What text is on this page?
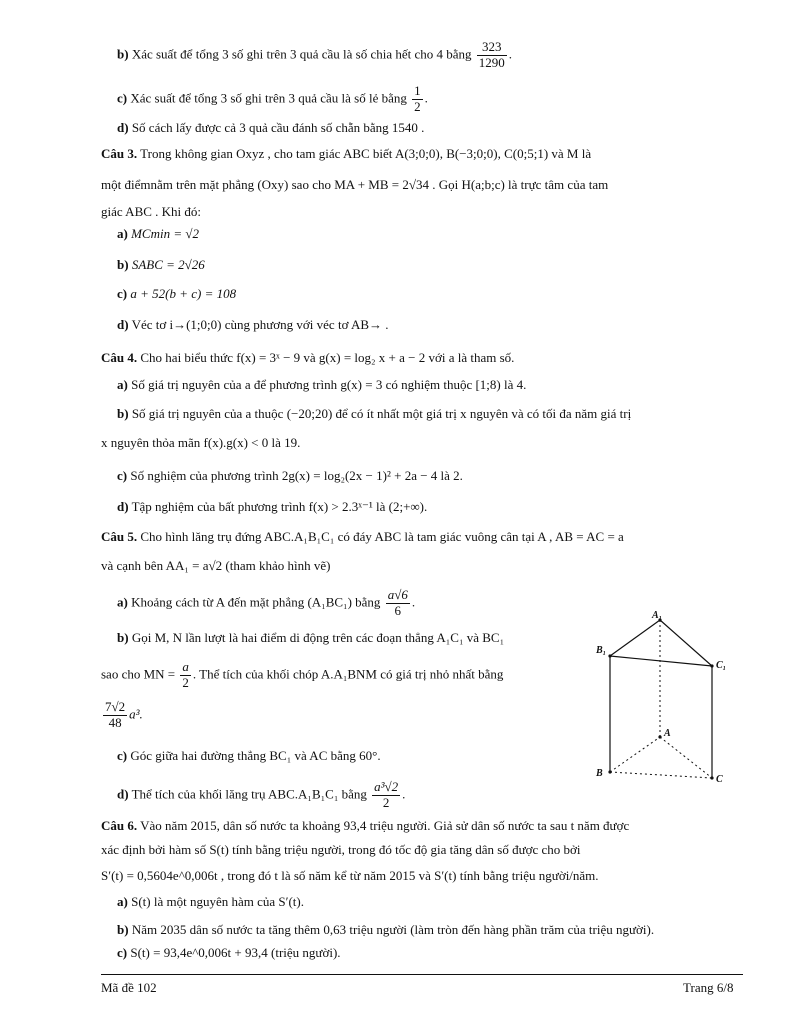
b) Xác suất để tổng 3 số ghi trên 3 quả cầu là số chia hết cho 4 bằng $\frac{323}{1290}$ .
c) Xác suất để tổng 3 số ghi trên 3 quả cầu là số lẻ bằng $\frac{1}{2}$ .
d) Số cách lấy được cả 3 quả cầu đánh số chẵn bằng 1540 .
Câu 3. Trong không gian Oxyz , cho tam giác ABC biết A(3;0;0), B(−3;0;0), C(0;5;1) và M là
một điểmnằm trên mặt phẳng (Oxy) sao cho MA + MB = 2√34 . Gọi H(a;b;c) là trực tâm của tam
giác ABC . Khi đó:
a) MCmin = √2
b) SABC = 2√26
c) a + 52(b + c) = 108
d) Véc tơ i→(1;0;0) cùng phương với véc tơ AB→ .
Câu 4. Cho hai biểu thức f(x) = 3ˣ − 9 và g(x) = log₂ x + a − 2 với a là tham số.
a) Số giá trị nguyên của a để phương trình g(x) = 3 có nghiệm thuộc [1;8) là 4.
b) Số giá trị nguyên của a thuộc (−20;20) để có ít nhất một giá trị x nguyên và có tối đa năm giá trị
x nguyên thỏa mãn f(x).g(x) < 0 là 19.
c) Số nghiệm của phương trình 2g(x) = log₂(2x − 1)² + 2a − 4 là 2.
d) Tập nghiệm của bất phương trình f(x) > 2.3ˣ⁻¹ là (2;+∞).
Câu 5. Cho hình lăng trụ đứng ABC.A₁B₁C₁ có đáy ABC là tam giác vuông cân tại A , AB = AC = a
và cạnh bên AA₁ = a√2 (tham khảo hình vẽ)
a) Khoảng cách từ A đến mặt phẳng (A₁BC₁) bằng $\frac{a√6}{6}$ .
b) Gọi M, N lần lượt là hai điểm di động trên các đoạn thẳng A₁C₁ và BC₁
sao cho MN = $\frac{a}{2}$ . Thể tích của khối chóp A.A₁BNM có giá trị nhỏ nhất bằng
$\frac{7√2}{48} a^3$.
c) Góc giữa hai đường thẳng BC₁ và AC bằng 60°.
d) Thể tích của khối lăng trụ ABC.A₁B₁C₁ bằng $\frac{\text{a³√2}}{2}$ .
A₁
B₁
C₁
A
B
C
Câu 6. Vào năm 2015, dân số nước ta khoảng 93,4 triệu người. Giả sử dân số nước ta sau t năm được
xác định bởi hàm số S(t) tính bằng triệu người, trong đó tốc độ gia tăng dân số được cho bởi
S′(t) = 0,5604e^0,006t , trong đó t là số năm kể từ năm 2015 và S′(t) tính bằng triệu người/năm.
a) S(t) là một nguyên hàm của S′(t).
b) Năm 2035 dân số nước ta tăng thêm 0,63 triệu người (làm tròn đến hàng phần trăm của triệu người).
c) S(t) = 93,4e^0,006t + 93,4 (triệu người).
Mã đề 102	Trang 6/8
